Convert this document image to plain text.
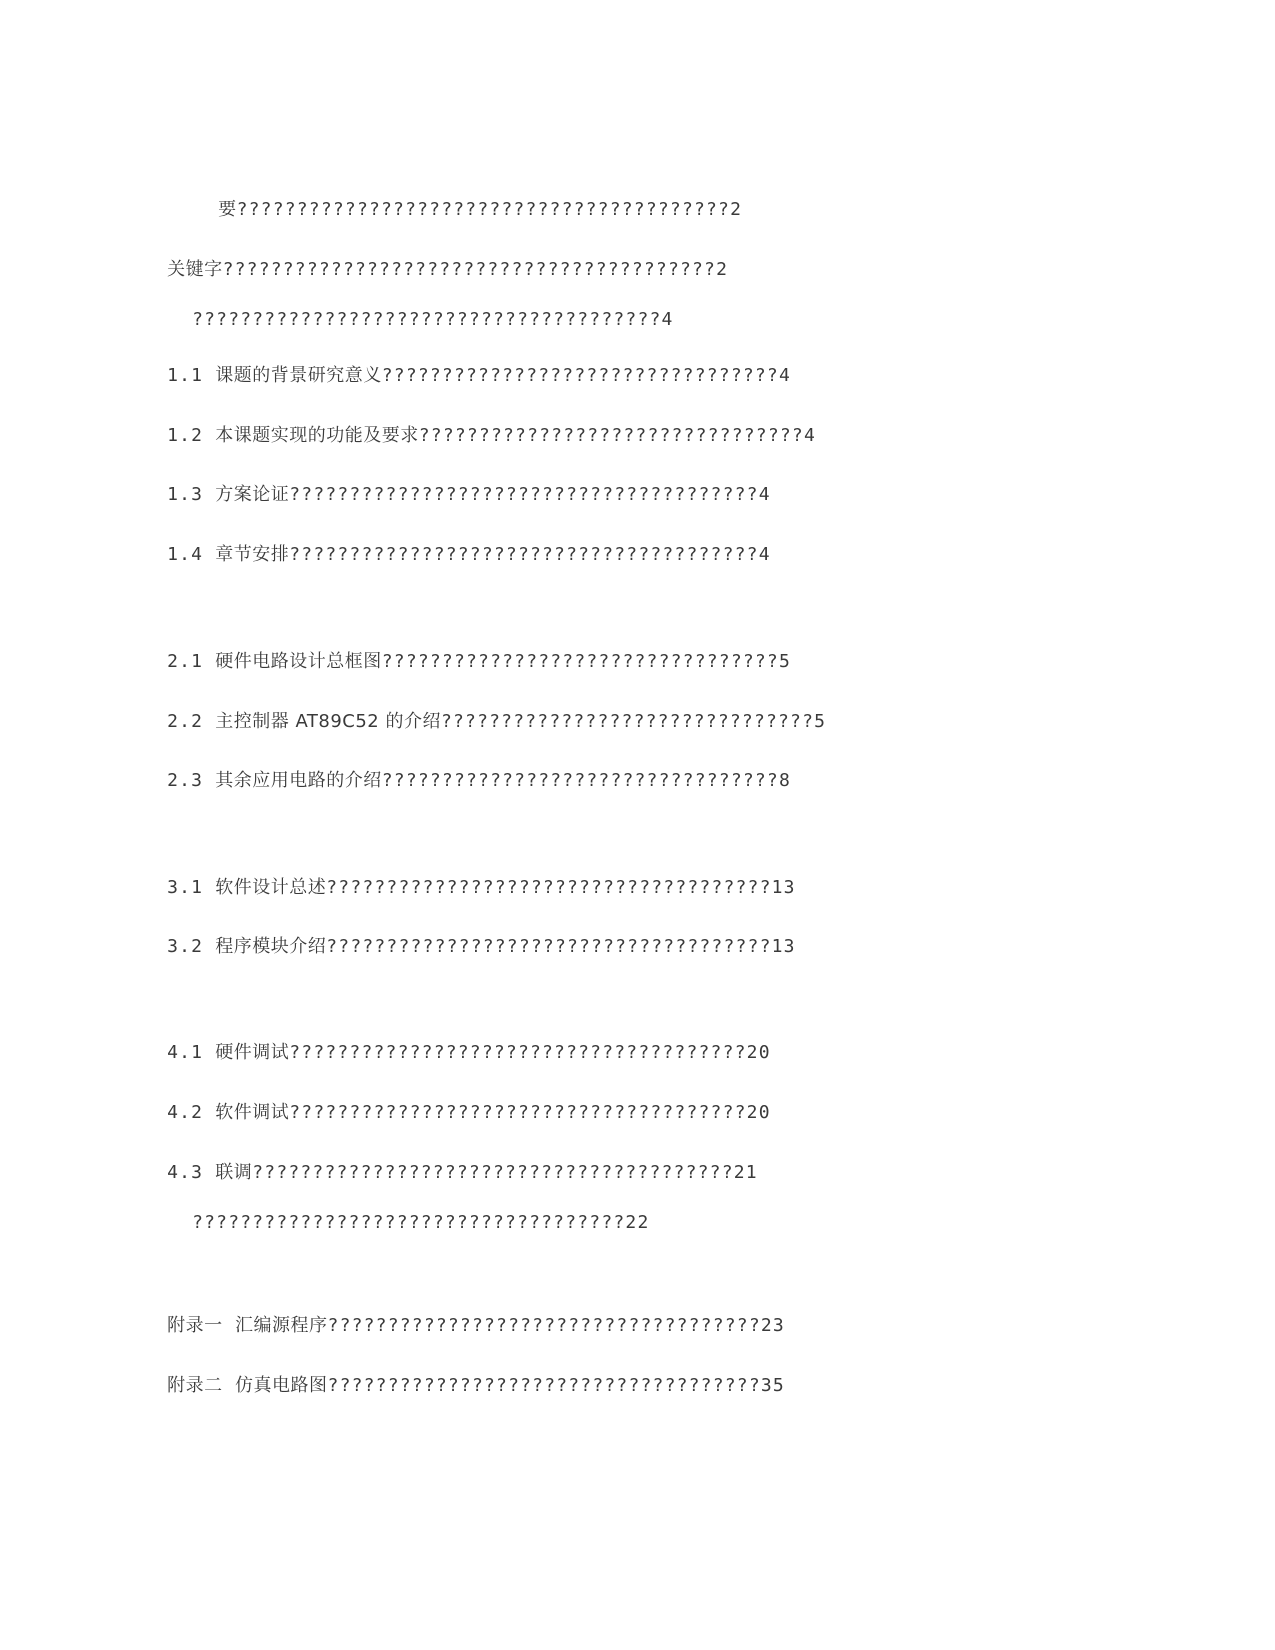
要?????????????????????????????????????????2

关键字?????????????????????????????????????????2

???????????????????????????????????????4

1.1 课题的背景研究意义?????????????????????????????????4

1.2 本课题实现的功能及要求????????????????????????????????4

1.3 方案论证???????????????????????????????????????4

1.4 章节安排???????????????????????????????????????4

2.1 硬件电路设计总框图?????????????????????????????????5

2.2 主控制器 AT89C52 的介绍???????????????????????????????5

2.3 其余应用电路的介绍?????????????????????????????????8

3.1 软件设计总述?????????????????????????????????????13

3.2 程序模块介绍?????????????????????????????????????13

4.1 硬件调试??????????????????????????????????????20

4.2 软件调试??????????????????????????????????????20

4.3 联调????????????????????????????????????????21

????????????????????????????????????22

附录一  汇编源程序????????????????????????????????????23

附录二  仿真电路图????????????????????????????????????35
